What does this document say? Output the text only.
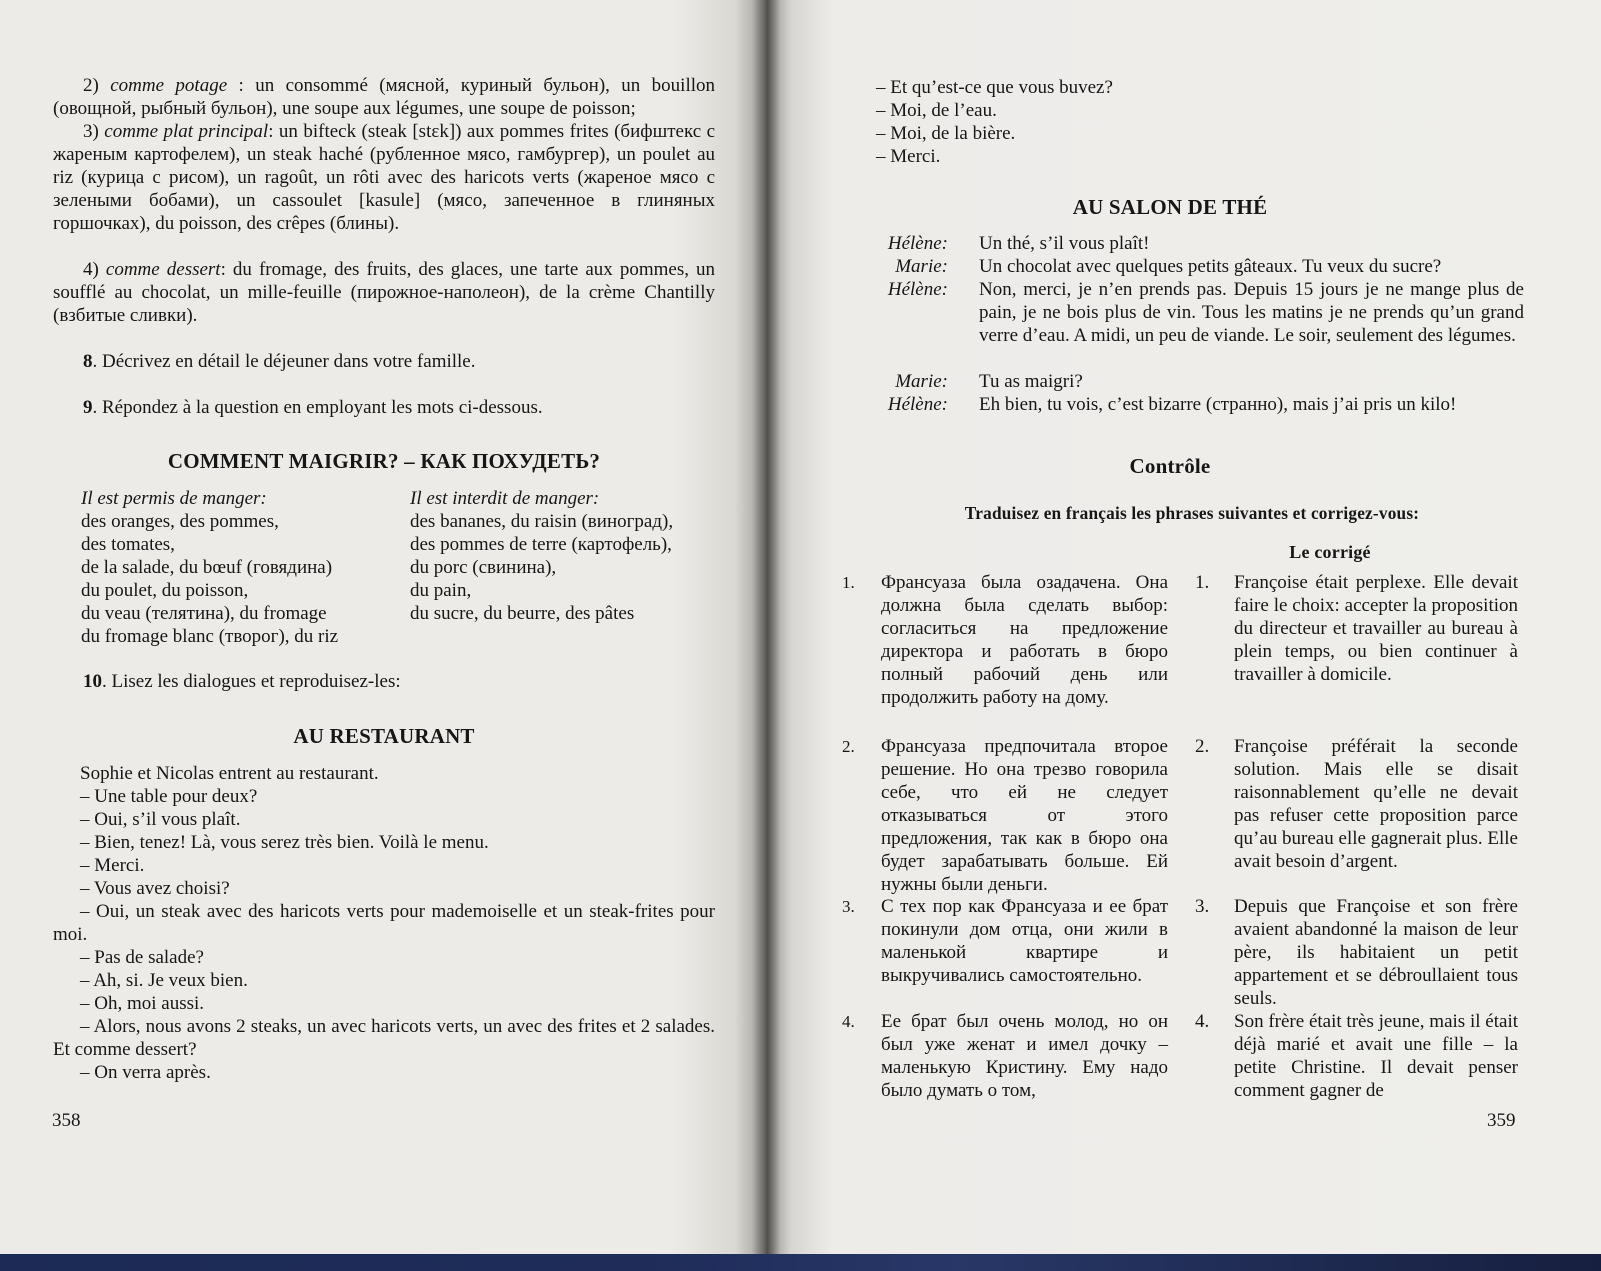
2) comme potage : un consommé (мясной, куриный бульон), un bouillon (овощной, рыбный бульон), une soupe aux légumes, une soupe de poisson;
3) comme plat principal: un bifteck (steak [stɛk]) aux pommes frites (бифштекс с жареным картофелем), un steak haché (рубленное мясо, гамбургер), un poulet au riz (курица с рисом), un ragoût, un rôti avec des haricots verts (жареное мясо с зелеными бобами), un cassoulet [kasule] (мясо, запеченное в глиняных горшочках), du poisson, des crêpes (блины).
4) comme dessert: du fromage, des fruits, des glaces, une tarte aux pommes, un soufflé au chocolat, un mille-feuille (пирожное-наполеон), de la crème Chantilly (взбитые сливки).
8. Décrivez en détail le déjeuner dans votre famille.
9. Répondez à la question en employant les mots ci-dessous.
COMMENT MAIGRIR? – КАК ПОХУДЕТЬ?
Il est permis de manger:
des oranges, des pommes,
des tomates,
de la salade, du bœuf (говядина)
du poulet, du poisson,
du veau (телятина), du fromage
du fromage blanc (творог), du riz
Il est interdit de manger:
des bananes, du raisin (виноград),
des pommes de terre (картофель),
du porc (свинина),
du pain,
du sucre, du beurre, des pâtes
10. Lisez les dialogues et reproduisez-les:
AU RESTAURANT
Sophie et Nicolas entrent au restaurant.
– Une table pour deux?
– Oui, s’il vous plaît.
– Bien, tenez! Là, vous serez très bien. Voilà le menu.
– Merci.
– Vous avez choisi?
– Oui, un steak avec des haricots verts pour mademoiselle et un steak-frites pour moi.
– Pas de salade?
– Ah, si. Je veux bien.
– Oh, moi aussi.
– Alors, nous avons 2 steaks, un avec haricots verts, un avec des frites et 2 salades. Et comme dessert?
– On verra après.
358
– Et qu’est-ce que vous buvez?
– Moi, de l’eau.
– Moi, de la bière.
– Merci.
AU SALON DE THÉ
Hélène: Un thé, s’il vous plaît!
Marie: Un chocolat avec quelques petits gâteaux. Tu veux du sucre?
Hélène: Non, merci, je n’en prends pas. Depuis 15 jours je ne mange plus de pain, je ne bois plus de vin. Tous les matins je ne prends qu’un grand verre d’eau. A midi, un peu de viande. Le soir, seulement des légumes.
Marie: Tu as maigri?
Hélène: Eh bien, tu vois, c’est bizarre (странно), mais j’ai pris un kilo!
Contrôle
Traduisez en français les phrases suivantes et corrigez-vous:
Le corrigé
1. Франсуаза была озадачена. Она должна была сделать выбор: согласиться на предложение директора и работать в бюро полный рабочий день или продолжить работу на дому.
1. Françoise était perplexe. Elle devait faire le choix: accepter la proposition du directeur et travailler au bureau à plein temps, ou bien continuer à travailler à domicile.
2. Франсуаза предпочитала второе решение. Но она трезво говорила себе, что ей не следует отказываться от этого предложения, так как в бюро она будет зарабатывать больше. Ей нужны были деньги.
2. Françoise préférait la seconde solution. Mais elle se disait raisonnablement qu’elle ne devait pas refuser cette proposition parce qu’au bureau elle gagnerait plus. Elle avait besoin d’argent.
3. С тех пор как Франсуаза и ее брат покинули дом отца, они жили в маленькой квартире и выкручивались самостоятельно.
3. Depuis que Françoise et son frère avaient abandonné la maison de leur père, ils habitaient un petit appartement et se débroullaient tous seuls.
4. Ее брат был очень молод, но он был уже женат и имел дочку – маленькую Кристину. Ему надо было думать о том,
4. Son frère était très jeune, mais il était déjà marié et avait une fille – la petite Christine. Il devait penser comment gagner de
359
